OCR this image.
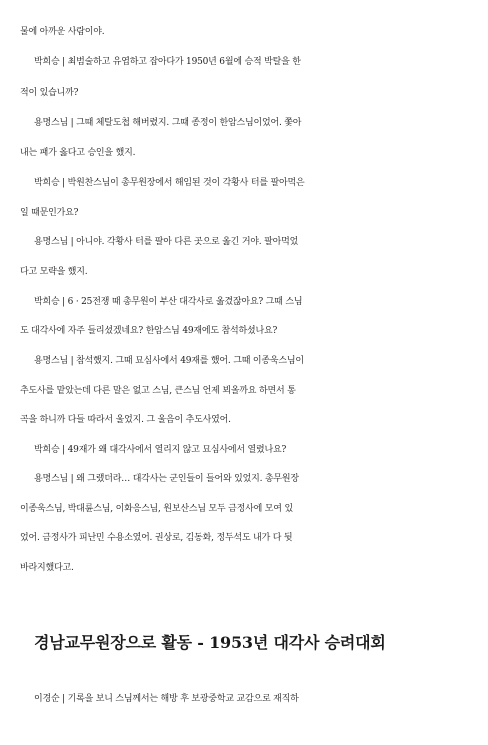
물에 아까운 사람이야.
박희승 | 최범술하고 유엽하고 잡아다가 1950년 6월에 승적 박탈을 한
적이 있습니까?
용명스님 | 그때 체탈도첩 해버렸지. 그때 종정이 한암스님이었어. 쫓아
내는 패가 옳다고 승인을 했지.
박희승 | 박원찬스님이 총무원장에서 해임된 것이 각황사 터를 팔아먹은
일 때문인가요?
용명스님 | 아니야. 각황사 터를 팔아 다른 곳으로 옮긴 거야. 팔아먹었
다고 모략을 했지.
박희승 | 6 · 25전쟁 때 총무원이 부산 대각사로 옮겼잖아요? 그때 스님
도 대각사에 자주 들리셨겠네요? 한암스님 49재에도 참석하셨나요?
용명스님 | 참석했지. 그때 묘심사에서 49재를 했어. 그때 이종욱스님이
추도사를 맡았는데 다른 말은 없고 스님, 큰스님 언제 뵈올까요 하면서 통
곡을 하니까 다들 따라서 울었지. 그 울음이 추도사였어.
박희승 | 49재가 왜 대각사에서 열리지 않고 묘심사에서 열렸나요?
용명스님 | 왜 그랬더라… 대각사는 군인들이 들어와 있었지. 총무원장
이종욱스님, 박대륜스님, 이화응스님, 원보산스님 모두 금정사에 모여 있
었어. 금정사가 피난민 수용소였어. 권상로, 김동화, 정두석도 내가 다 뒷
바라지했다고.
경남교무원장으로 활동 - 1953년 대각사 승려대회
이경순 | 기록을 보니 스님께서는 해방 후 보광중학교 교감으로 재직하
